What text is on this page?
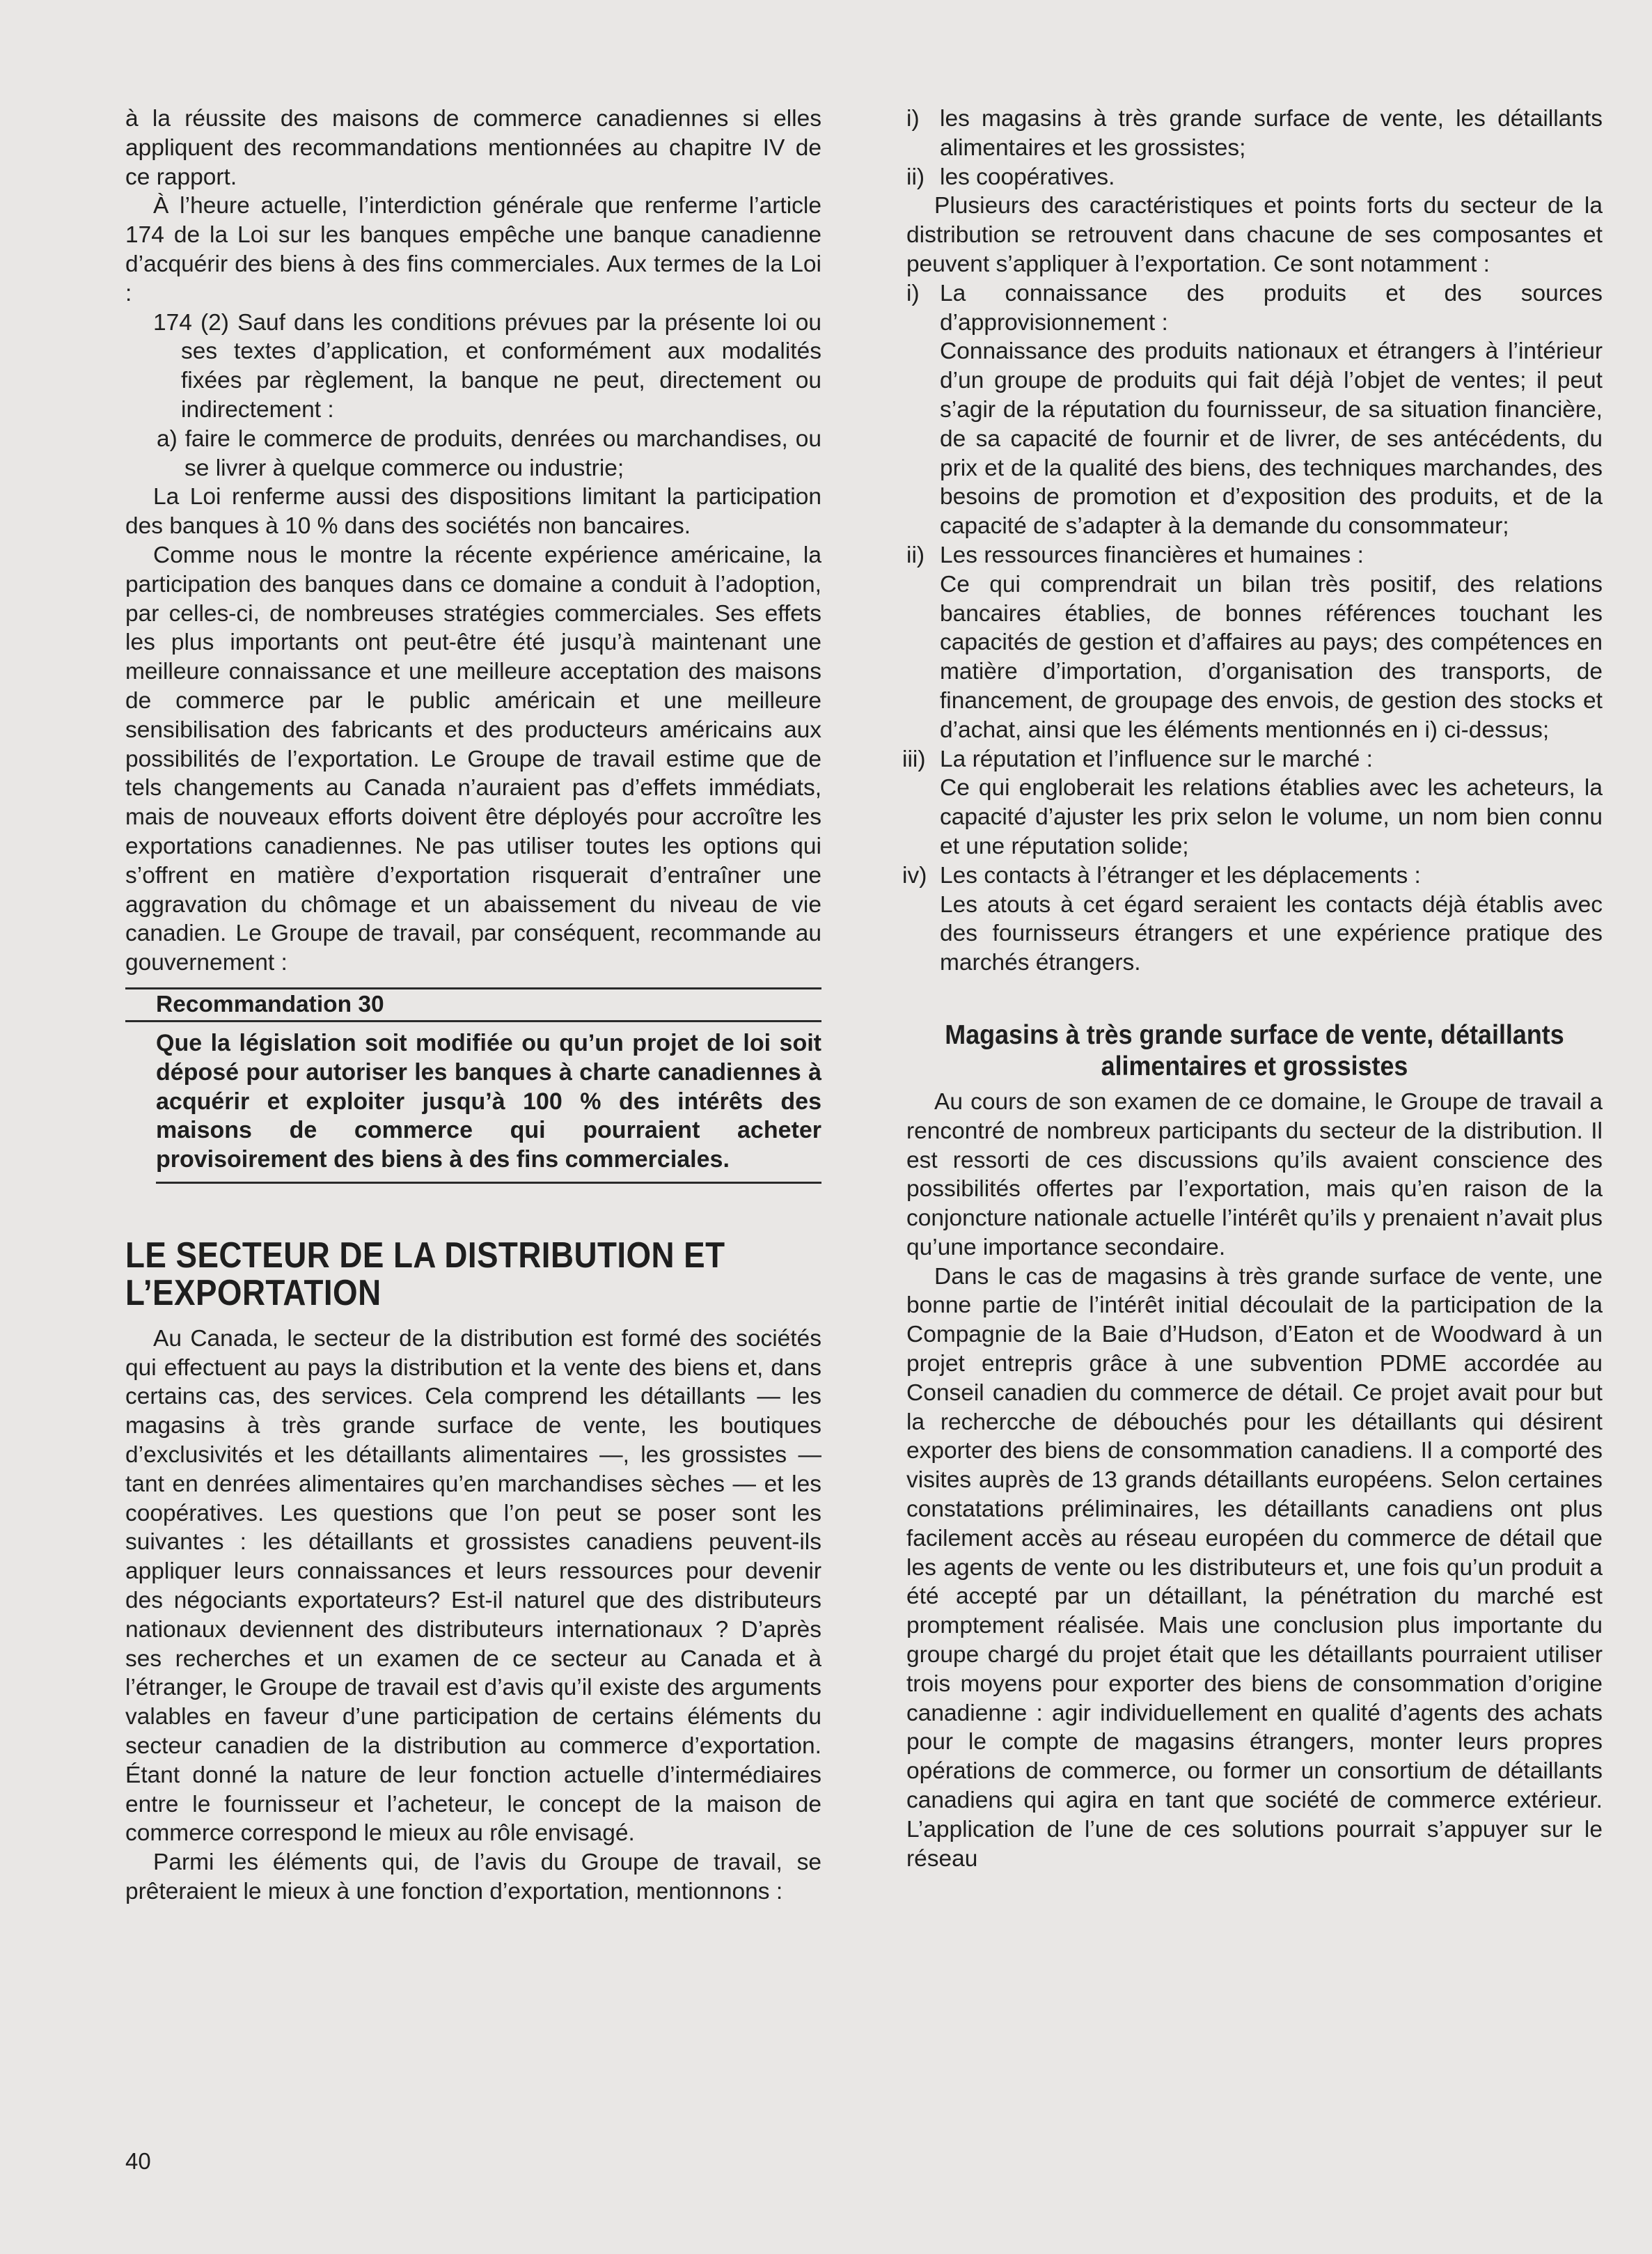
à la réussite des maisons de commerce canadiennes si elles appliquent des recommandations mentionnées au chapitre IV de ce rapport.

À l’heure actuelle, l’interdiction générale que renferme l’article 174 de la Loi sur les banques empêche une banque canadienne d’acquérir des biens à des fins commerciales. Aux termes de la Loi :

174 (2) Sauf dans les conditions prévues par la présente loi ou ses textes d’application, et conformément aux modalités fixées par règlement, la banque ne peut, directement ou indirectement :

a) faire le commerce de produits, denrées ou marchandises, ou se livrer à quelque commerce ou industrie;

La Loi renferme aussi des dispositions limitant la participation des banques à 10 % dans des sociétés non bancaires.

Comme nous le montre la récente expérience américaine, la participation des banques dans ce domaine a conduit à l’adoption, par celles-ci, de nombreuses stratégies commerciales. Ses effets les plus importants ont peut-être été jusqu’à maintenant une meilleure connaissance et une meilleure acceptation des maisons de commerce par le public américain et une meilleure sensibilisation des fabricants et des producteurs américains aux possibilités de l’exportation. Le Groupe de travail estime que de tels changements au Canada n’auraient pas d’effets immédiats, mais de nouveaux efforts doivent être déployés pour accroître les exportations canadiennes. Ne pas utiliser toutes les options qui s’offrent en matière d’exportation risquerait d’entraîner une aggravation du chômage et un abaissement du niveau de vie canadien. Le Groupe de travail, par conséquent, recommande au gouvernement :

Recommandation 30

Que la législation soit modifiée ou qu’un projet de loi soit déposé pour autoriser les banques à charte canadiennes à acquérir et exploiter jusqu’à 100 % des intérêts des maisons de commerce qui pourraient acheter provisoirement des biens à des fins commerciales.

LE SECTEUR DE LA DISTRIBUTION ET L’EXPORTATION

Au Canada, le secteur de la distribution est formé des sociétés qui effectuent au pays la distribution et la vente des biens et, dans certains cas, des services. Cela comprend les détaillants — les magasins à très grande surface de vente, les boutiques d’exclusivités et les détaillants alimentaires —, les grossistes — tant en denrées alimentaires qu’en marchandises sèches — et les coopératives. Les questions que l’on peut se poser sont les suivantes : les détaillants et grossistes canadiens peuvent-ils appliquer leurs connaissances et leurs ressources pour devenir des négociants exportateurs? Est-il naturel que des distributeurs nationaux deviennent des distributeurs internationaux ? D’après ses recherches et un examen de ce secteur au Canada et à l’étranger, le Groupe de travail est d’avis qu’il existe des arguments valables en faveur d’une participation de certains éléments du secteur canadien de la distribution au commerce d’exportation. Étant donné la nature de leur fonction actuelle d’intermédiaires entre le fournisseur et l’acheteur, le concept de la maison de commerce correspond le mieux au rôle envisagé.

Parmi les éléments qui, de l’avis du Groupe de travail, se prêteraient le mieux à une fonction d’exportation, mentionnons :

i) les magasins à très grande surface de vente, les détaillants alimentaires et les grossistes;

ii) les coopératives.

Plusieurs des caractéristiques et points forts du secteur de la distribution se retrouvent dans chacune de ses composantes et peuvent s’appliquer à l’exportation. Ce sont notamment :

i) La connaissance des produits et des sources d’approvisionnement :

Connaissance des produits nationaux et étrangers à l’intérieur d’un groupe de produits qui fait déjà l’objet de ventes; il peut s’agir de la réputation du fournisseur, de sa situation financière, de sa capacité de fournir et de livrer, de ses antécédents, du prix et de la qualité des biens, des techniques marchandes, des besoins de promotion et d’exposition des produits, et de la capacité de s’adapter à la demande du consommateur;

ii) Les ressources financières et humaines :

Ce qui comprendrait un bilan très positif, des relations bancaires établies, de bonnes références touchant les capacités de gestion et d’affaires au pays; des compétences en matière d’importation, d’organisation des transports, de financement, de groupage des envois, de gestion des stocks et d’achat, ainsi que les éléments mentionnés en i) ci-dessus;

iii) La réputation et l’influence sur le marché :

Ce qui engloberait les relations établies avec les acheteurs, la capacité d’ajuster les prix selon le volume, un nom bien connu et une réputation solide;

iv) Les contacts à l’étranger et les déplacements :

Les atouts à cet égard seraient les contacts déjà établis avec des fournisseurs étrangers et une expérience pratique des marchés étrangers.

Magasins à très grande surface de vente, détaillants alimentaires et grossistes

Au cours de son examen de ce domaine, le Groupe de travail a rencontré de nombreux participants du secteur de la distribution. Il est ressorti de ces discussions qu’ils avaient conscience des possibilités offertes par l’exportation, mais qu’en raison de la conjoncture nationale actuelle l’intérêt qu’ils y prenaient n’avait plus qu’une importance secondaire.

Dans le cas de magasins à très grande surface de vente, une bonne partie de l’intérêt initial découlait de la participation de la Compagnie de la Baie d’Hudson, d’Eaton et de Woodward à un projet entrepris grâce à une subvention PDME accordée au Conseil canadien du commerce de détail. Ce projet avait pour but la rechercche de débouchés pour les détaillants qui désirent exporter des biens de consommation canadiens. Il a comporté des visites auprès de 13 grands détaillants européens. Selon certaines constatations préliminaires, les détaillants canadiens ont plus facilement accès au réseau européen du commerce de détail que les agents de vente ou les distributeurs et, une fois qu’un produit a été accepté par un détaillant, la pénétration du marché est promptement réalisée. Mais une conclusion plus importante du groupe chargé du projet était que les détaillants pourraient utiliser trois moyens pour exporter des biens de consommation d’origine canadienne : agir individuellement en qualité d’agents des achats pour le compte de magasins étrangers, monter leurs propres opérations de commerce, ou former un consortium de détaillants canadiens qui agira en tant que société de commerce extérieur. L’application de l’une de ces solutions pourrait s’appuyer sur le réseau

40
